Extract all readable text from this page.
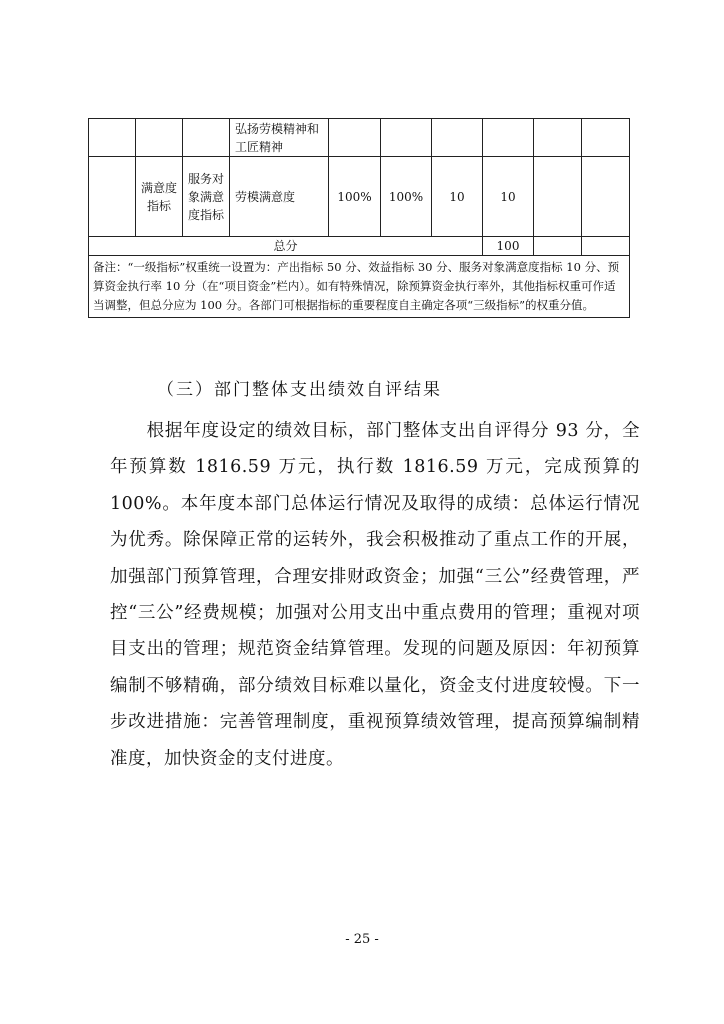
			弘扬劳模精神和工匠精神						
	满意度指标	服务对象满意度指标	劳模满意度	100%	100%	10	10		
总分							100		
备注：“一级指标”权重统一设置为：产出指标 50 分、效益指标 30 分、服务对象满意度指标 10 分、预算资金执行率 10 分（在“项目资金”栏内）。如有特殊情况，除预算资金执行率外，其他指标权重可作适当调整，但总分应为 100 分。各部门可根据指标的重要程度自主确定各项“三级指标”的权重分值。									
（三）部门整体支出绩效自评结果

　　根据年度设定的绩效目标，部门整体支出自评得分 93 分，全年预算数 1816.59 万元，执行数 1816.59 万元，完成预算的 100%。本年度本部门总体运行情况及取得的成绩：总体运行情况为优秀。除保障正常的运转外，我会积极推动了重点工作的开展，加强部门预算管理，合理安排财政资金；加强“三公”经费管理，严控“三公”经费规模；加强对公用支出中重点费用的管理；重视对项目支出的管理；规范资金结算管理。发现的问题及原因：年初预算编制不够精确，部分绩效目标难以量化，资金支付进度较慢。下一步改进措施：完善管理制度，重视预算绩效管理，提高预算编制精准度，加快资金的支付进度。

- 25 -
